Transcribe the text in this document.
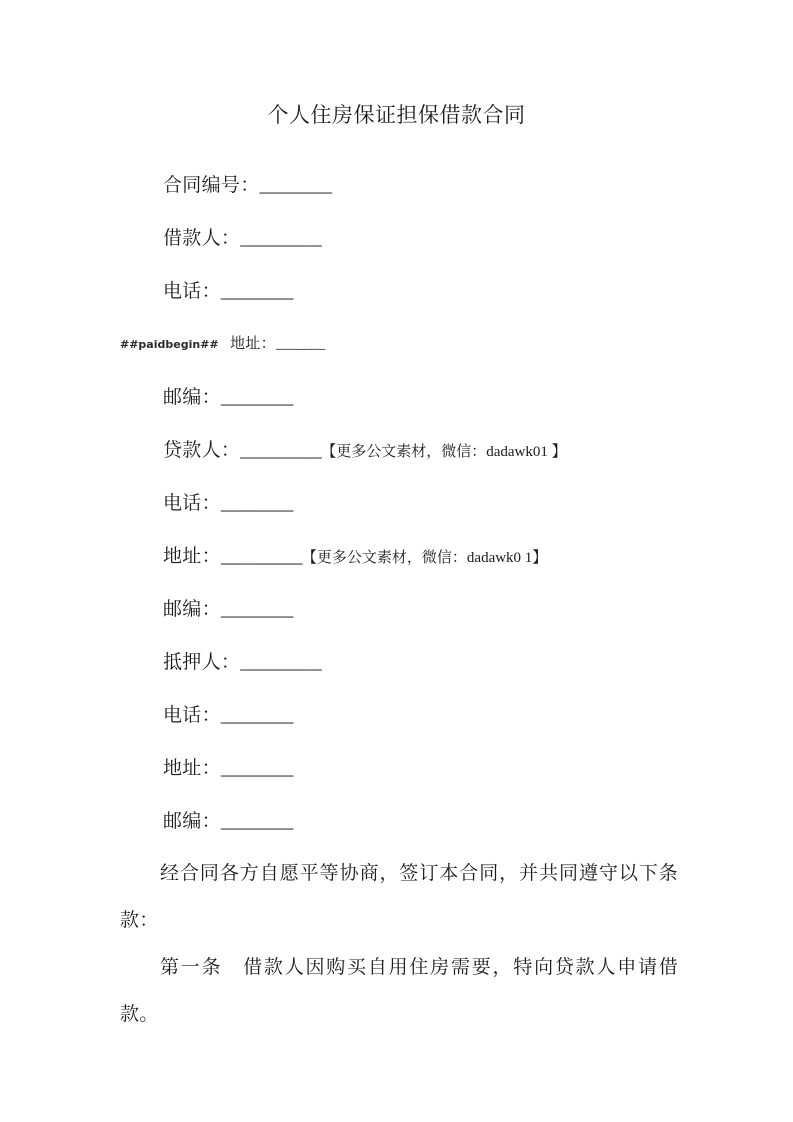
个人住房保证担保借款合同
合同编号：________
借款人：_________
电话：________
##paidbegin## 地址：_______
邮编：________
贷款人：_________【更多公文素材，微信：dadawk01 】
电话：________
地址：_________【更多公文素材，微信：dadawk0 1】
邮编：________
抵押人：_________
电话：________
地址：________
邮编：________

经合同各方自愿平等协商，签订本合同，并共同遵守以下条款：

第一条　借款人因购买自用住房需要，特向贷款人申请借款。
